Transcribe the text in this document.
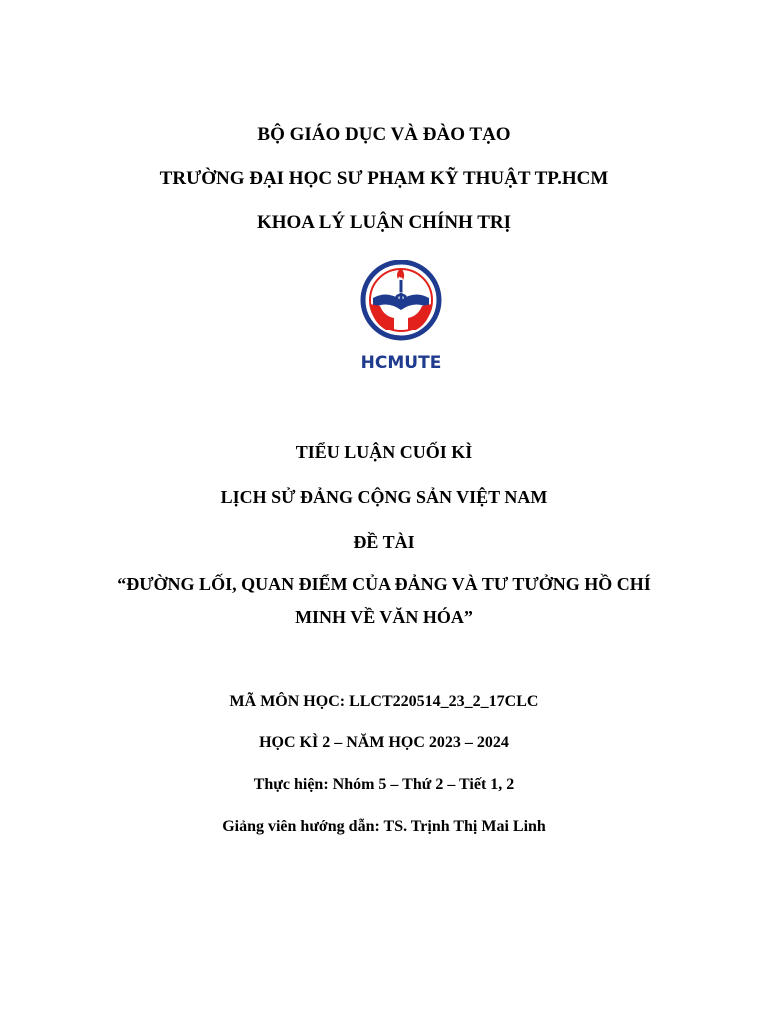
BỘ GIÁO DỤC VÀ ĐÀO TẠO
TRƯỜNG ĐẠI HỌC SƯ PHẠM KỸ THUẬT TP.HCM
KHOA LÝ LUẬN CHÍNH TRỊ
Φ
HCMUTE
TIỂU LUẬN CUỐI KÌ
LỊCH SỬ ĐẢNG CỘNG SẢN VIỆT NAM
ĐỀ TÀI
“ĐƯỜNG LỐI, QUAN ĐIỂM CỦA ĐẢNG VÀ TƯ TƯỞNG HỒ CHÍ
MINH VỀ VĂN HÓA”
MÃ MÔN HỌC: LLCT220514_23_2_17CLC
HỌC KÌ 2 – NĂM HỌC 2023 – 2024
Thực hiện: Nhóm 5 – Thứ 2 – Tiết 1, 2
Giảng viên hướng dẫn: TS. Trịnh Thị Mai Linh
